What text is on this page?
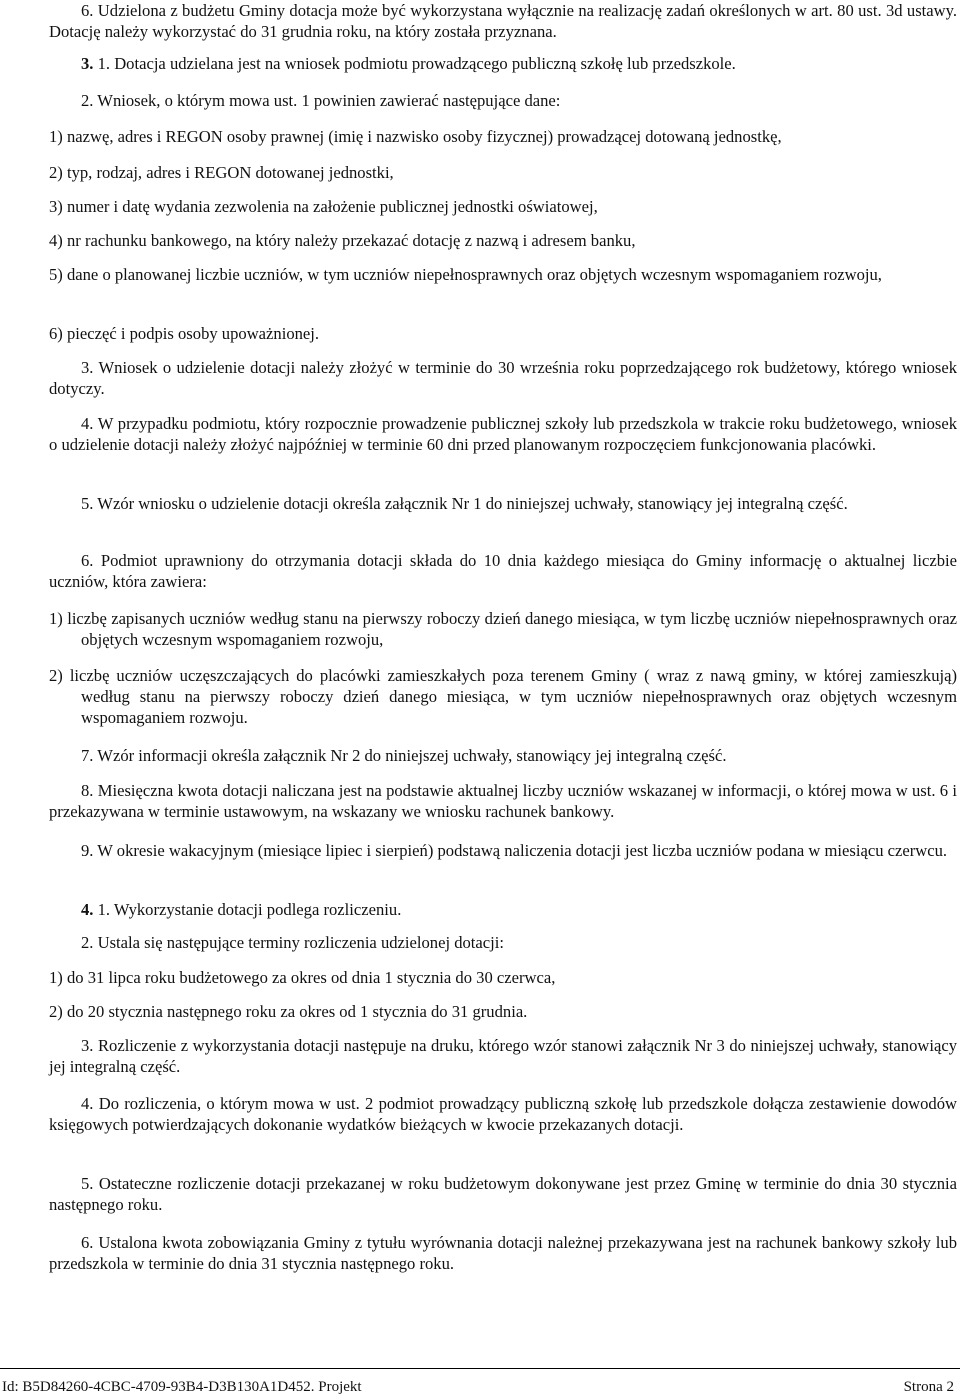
6. Udzielona z budżetu Gminy dotacja może być wykorzystana wyłącznie na realizację zadań określonych w art. 80 ust. 3d ustawy. Dotację należy wykorzystać do 31 grudnia roku, na który została przyznana.

3. 1. Dotacja udzielana jest na wniosek podmiotu prowadzącego publiczną szkołę lub przedszkole.

2. Wniosek, o którym mowa ust. 1 powinien zawierać następujące dane:

1) nazwę, adres i REGON osoby prawnej (imię i nazwisko osoby fizycznej) prowadzącej dotowaną jednostkę,

2) typ, rodzaj, adres i REGON dotowanej jednostki,

3) numer i datę wydania zezwolenia na założenie publicznej jednostki oświatowej,

4) nr rachunku bankowego, na który należy przekazać dotację z nazwą i adresem banku,

5) dane o planowanej liczbie uczniów, w tym uczniów niepełnosprawnych oraz objętych wczesnym wspomaganiem rozwoju,

6) pieczęć i podpis osoby upoważnionej.

3. Wniosek o udzielenie dotacji należy złożyć w terminie do 30 września roku poprzedzającego rok budżetowy, którego wniosek dotyczy.

4. W przypadku podmiotu, który rozpocznie prowadzenie publicznej szkoły lub przedszkola w trakcie roku budżetowego, wniosek o udzielenie dotacji należy złożyć najpóźniej w terminie 60 dni przed planowanym rozpoczęciem funkcjonowania placówki.

5. Wzór wniosku o udzielenie dotacji określa załącznik Nr 1 do niniejszej uchwały, stanowiący jej integralną część.

6. Podmiot uprawniony do otrzymania dotacji składa do 10 dnia każdego miesiąca do Gminy informację o aktualnej liczbie uczniów, która zawiera:

1) liczbę zapisanych uczniów według stanu na pierwszy roboczy dzień danego miesiąca, w tym liczbę uczniów niepełnosprawnych oraz objętych wczesnym wspomaganiem rozwoju,

2) liczbę uczniów uczęszczających do placówki zamieszkałych poza terenem Gminy ( wraz z nawą gminy, w której zamieszkują) według stanu na pierwszy roboczy dzień danego miesiąca, w tym uczniów niepełnosprawnych oraz objętych wczesnym wspomaganiem rozwoju.

7. Wzór informacji określa załącznik Nr 2 do niniejszej uchwały, stanowiący jej integralną część.

8. Miesięczna kwota dotacji naliczana jest na podstawie aktualnej liczby uczniów wskazanej w informacji, o której mowa w ust. 6 i przekazywana w terminie ustawowym, na wskazany we wniosku rachunek bankowy.

9. W okresie wakacyjnym (miesiące lipiec i sierpień) podstawą naliczenia dotacji jest liczba uczniów podana w miesiącu czerwcu.

4. 1. Wykorzystanie dotacji podlega rozliczeniu.

2. Ustala się następujące terminy rozliczenia udzielonej dotacji:

1) do 31 lipca roku budżetowego za okres od dnia 1 stycznia do 30 czerwca,

2) do 20 stycznia następnego roku za okres od 1 stycznia do 31 grudnia.

3. Rozliczenie z wykorzystania dotacji następuje na druku, którego wzór stanowi załącznik Nr 3 do niniejszej uchwały, stanowiący jej integralną część.

4. Do rozliczenia, o którym mowa w ust. 2 podmiot prowadzący publiczną szkołę lub przedszkole dołącza zestawienie dowodów księgowych potwierdzających dokonanie wydatków bieżących w kwocie przekazanych dotacji.

5. Ostateczne rozliczenie dotacji przekazanej w roku budżetowym dokonywane jest przez Gminę w terminie do dnia 30 stycznia następnego roku.

6. Ustalona kwota zobowiązania Gminy z tytułu wyrównania dotacji należnej przekazywana jest na rachunek bankowy szkoły lub przedszkola w terminie do dnia 31 stycznia następnego roku.

Id: B5D84260-4CBC-4709-93B4-D3B130A1D452. Projekt	Strona 2
